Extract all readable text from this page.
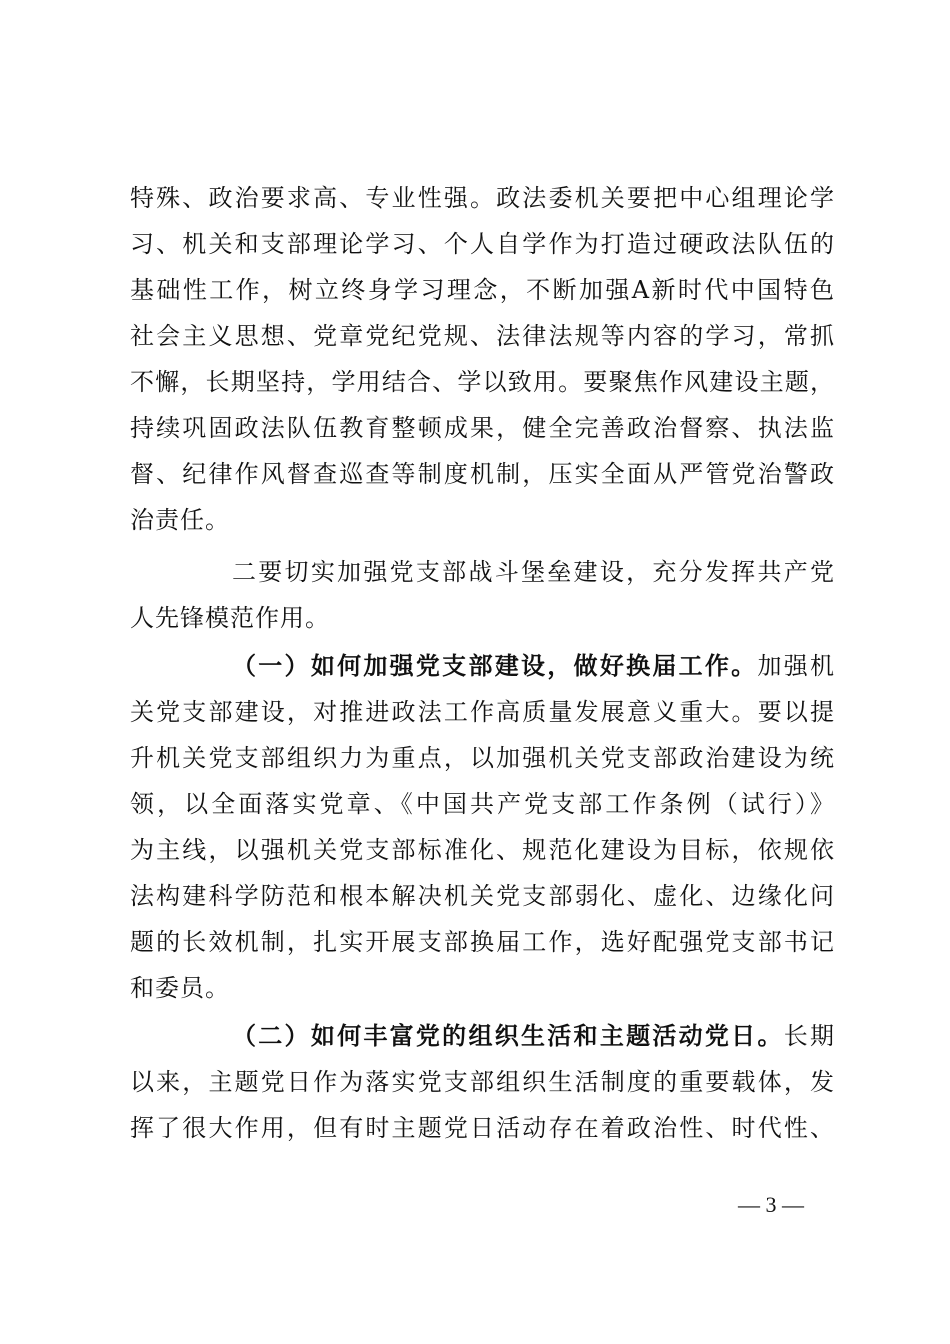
特殊、政治要求高、专业性强。政法委机关要把中心组理论学
习、机关和支部理论学习、个人自学作为打造过硬政法队伍的
基础性工作，树立终身学习理念，不断加强A新时代中国特色
社会主义思想、党章党纪党规、法律法规等内容的学习，常抓
不懈，长期坚持，学用结合、学以致用。要聚焦作风建设主题，
持续巩固政法队伍教育整顿成果，健全完善政治督察、执法监
督、纪律作风督查巡查等制度机制，压实全面从严管党治警政
治责任。
二要切实加强党支部战斗堡垒建设，充分发挥共产党
人先锋模范作用。
（一）如何加强党支部建设，做好换届工作。加强机
关党支部建设，对推进政法工作高质量发展意义重大。要以提
升机关党支部组织力为重点，以加强机关党支部政治建设为统
领，以全面落实党章、《中国共产党支部工作条例（试行）》
为主线，以强机关党支部标准化、规范化建设为目标，依规依
法构建科学防范和根本解决机关党支部弱化、虚化、边缘化问
题的长效机制，扎实开展支部换届工作，选好配强党支部书记
和委员。
（二）如何丰富党的组织生活和主题活动党日。长期
以来，主题党日作为落实党支部组织生活制度的重要载体，发
挥了很大作用，但有时主题党日活动存在着政治性、时代性、
— 3 —
